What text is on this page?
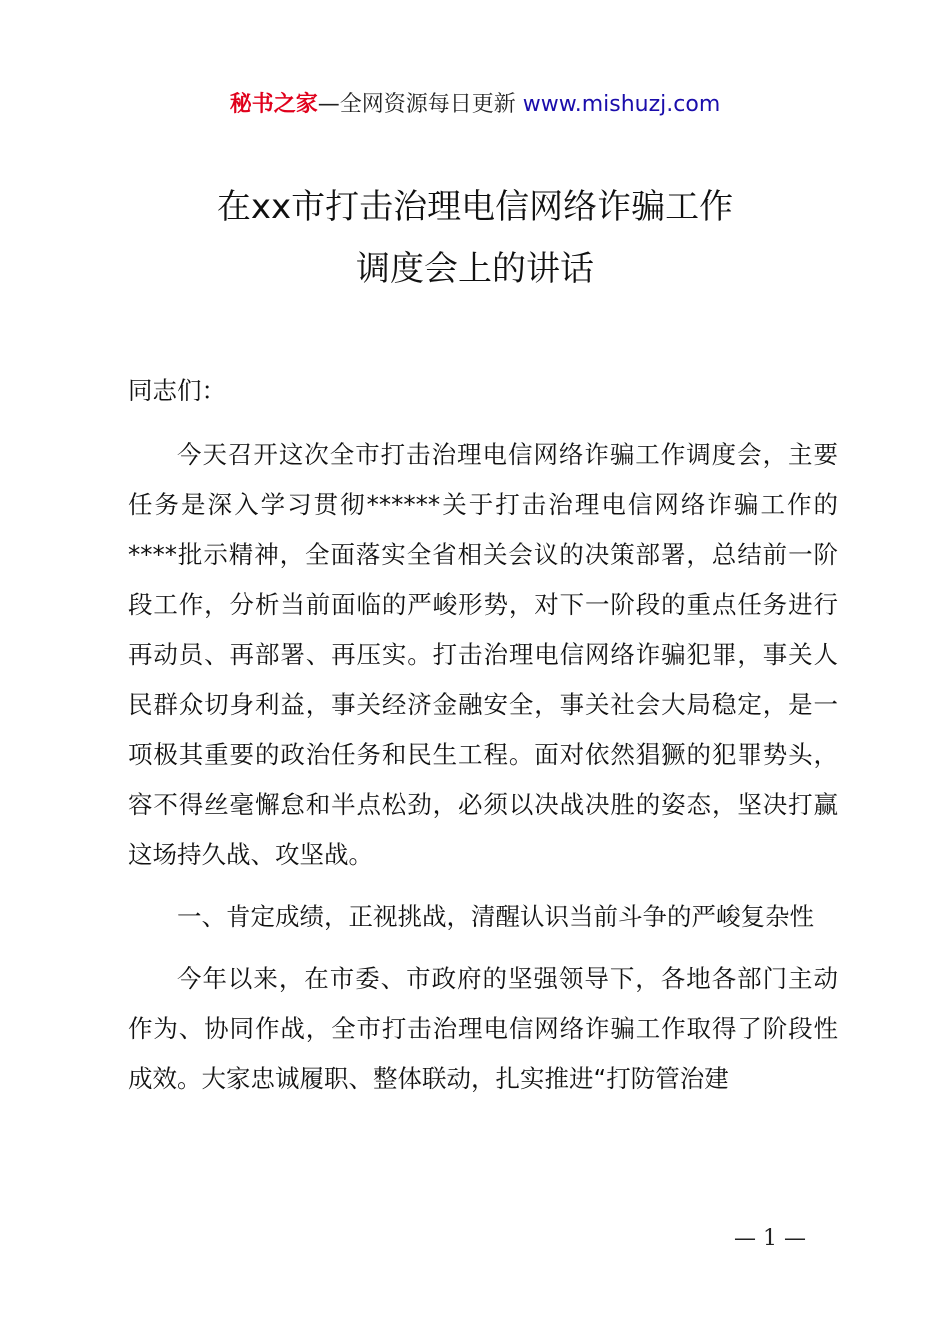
秘书之家—全网资源每日更新 www.mishuzj.com
在xx市打击治理电信网络诈骗工作
调度会上的讲话

同志们：

今天召开这次全市打击治理电信网络诈骗工作调度会，主要任务是深入学习贯彻******关于打击治理电信网络诈骗工作的****批示精神，全面落实全省相关会议的决策部署，总结前一阶段工作，分析当前面临的严峻形势，对下一阶段的重点任务进行再动员、再部署、再压实。打击治理电信网络诈骗犯罪，事关人民群众切身利益，事关经济金融安全，事关社会大局稳定，是一项极其重要的政治任务和民生工程。面对依然猖獗的犯罪势头，容不得丝毫懈怠和半点松劲，必须以决战决胜的姿态，坚决打赢这场持久战、攻坚战。

一、肯定成绩，正视挑战，清醒认识当前斗争的严峻复杂性

今年以来，在市委、市政府的坚强领导下，各地各部门主动作为、协同作战，全市打击治理电信网络诈骗工作取得了阶段性成效。大家忠诚履职、整体联动，扎实推进“打防管治建

— 1 —
